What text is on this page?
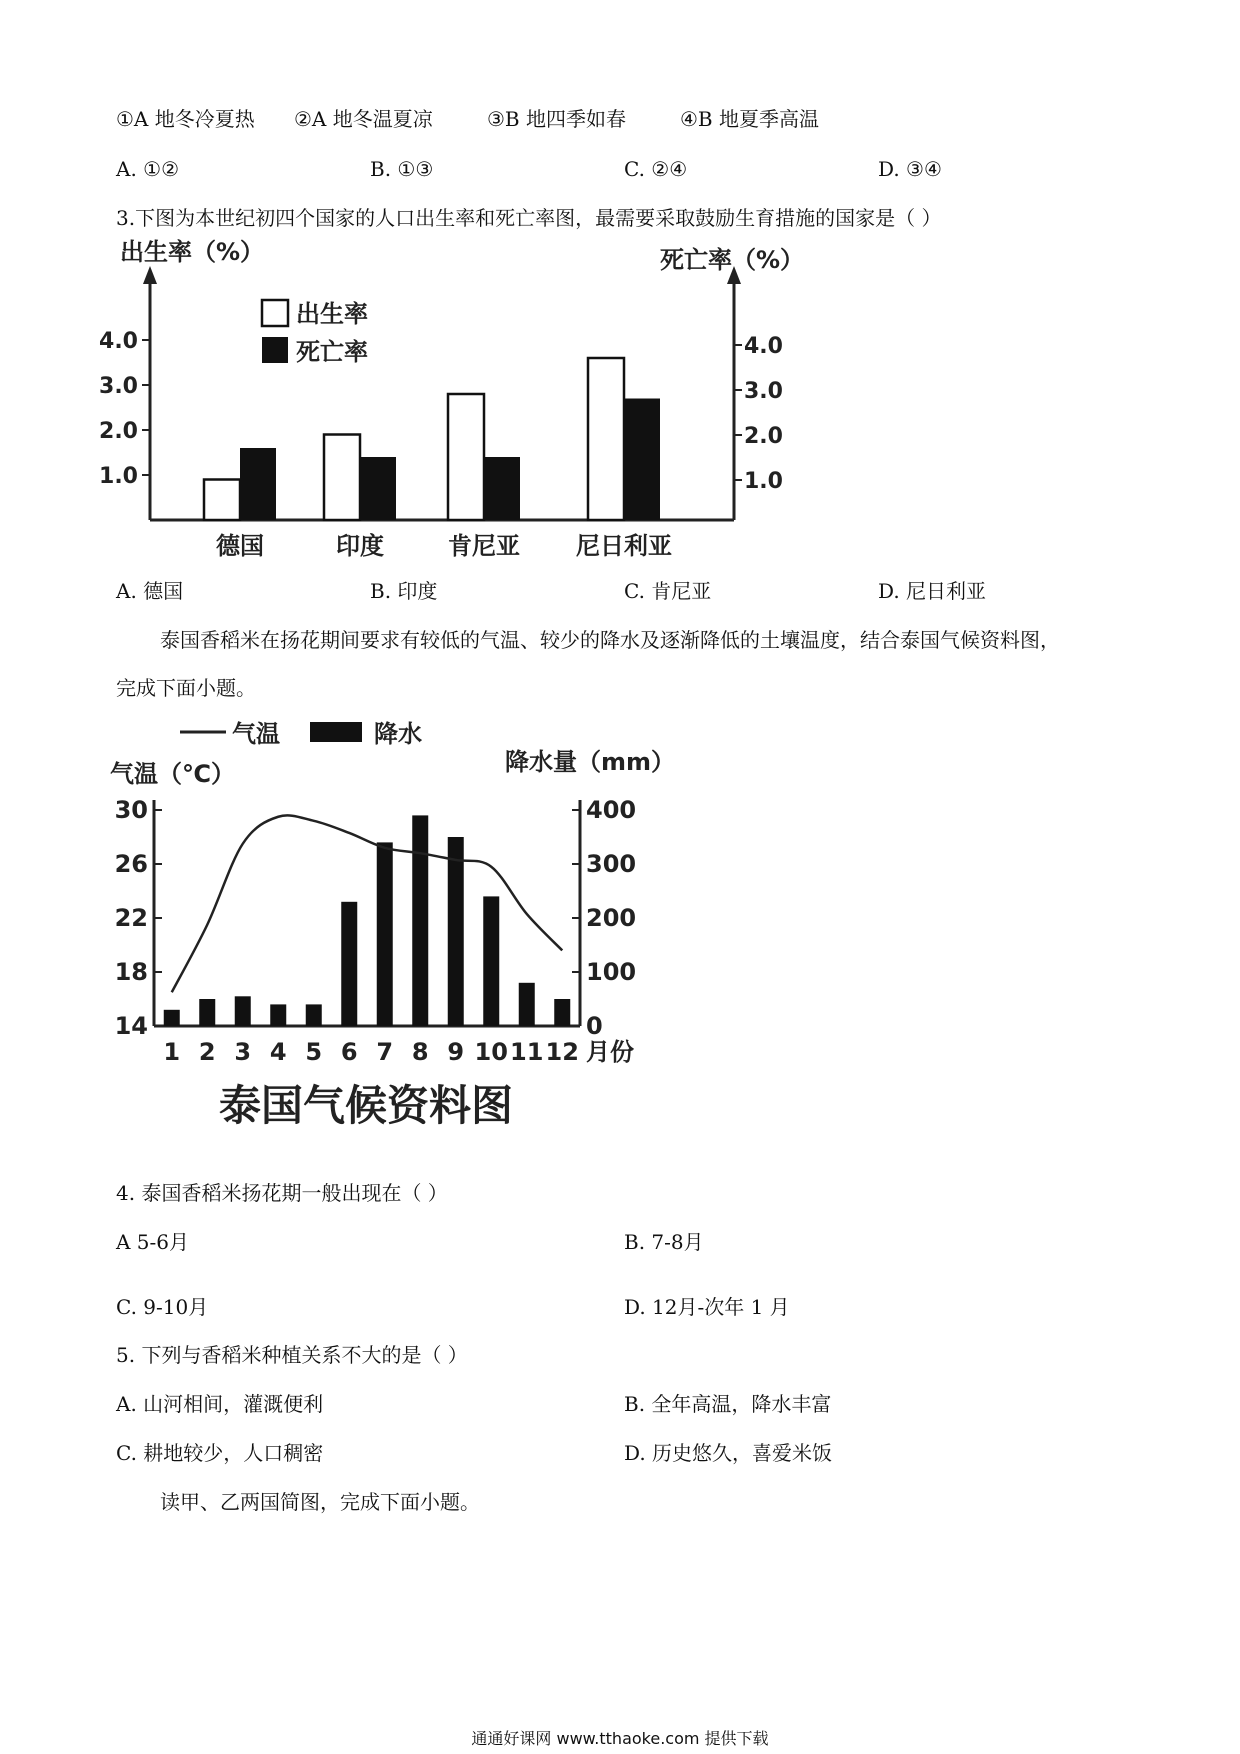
①A 地冬冷夏热 ②A 地冬温夏凉	③B 地四季如春	④B 地夏季高温
A. ①②	B. ①③	C. ②④	D. ③④
3.下图为本世纪初四个国家的人口出生率和死亡率图，最需要采取鼓励生育措施的国家是（ ）
出生率（%）	死亡率（%）
1.0	1.0
2.0	2.0
3.0	3.0
4.0	4.0
出生率
死亡率
德国	印度	肯尼亚 尼日利亚
A. 德国	B. 印度	C. 肯尼亚	D. 尼日利亚
泰国香稻米在扬花期间要求有较低的气温、较少的降水及逐渐降低的土壤温度，结合泰国气候资料图，
完成下面小题。
气温	降水
气温（℃）	降水量（mm）
30
26
22
18
14
400
300
200
100
0
1 2 3 4 5 6 7 8 9 10 11 12 月份
泰国气候资料图
4. 泰国香稻米扬花期一般出现在（ ）
A 5-6月	B. 7-8月
C. 9-10月	D. 12月-次年 1 月
5. 下列与香稻米种植关系不大的是（ ）
A. 山河相间，灌溉便利	B. 全年高温，降水丰富
C. 耕地较少，人口稠密	D. 历史悠久，喜爱米饭
读甲、乙两国简图，完成下面小题。
通通好课网 www.tthaoke.com 提供下载
